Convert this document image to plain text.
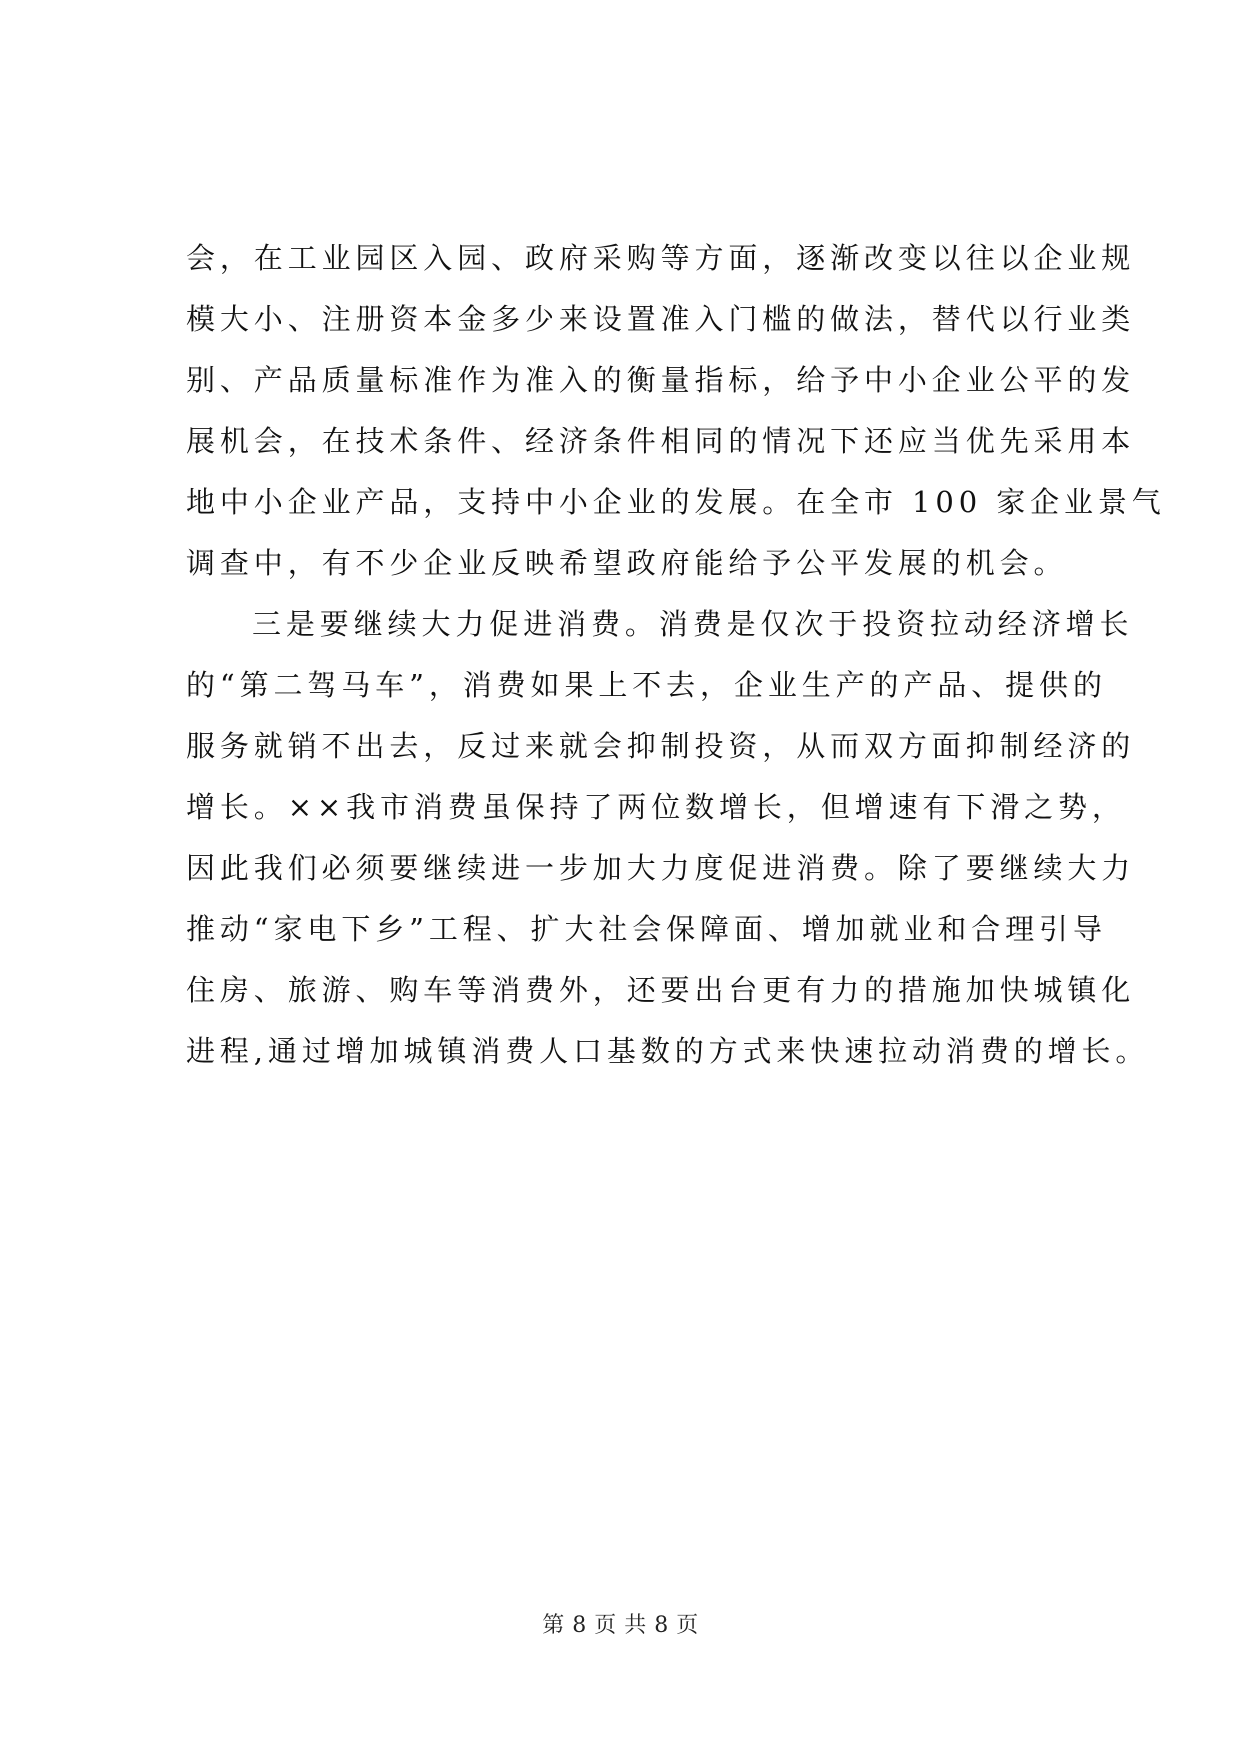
会，在工业园区入园、政府采购等方面，逐渐改变以往以企业规
模大小、注册资本金多少来设置准入门槛的做法，替代以行业类
别、产品质量标准作为准入的衡量指标，给予中小企业公平的发
展机会，在技术条件、经济条件相同的情况下还应当优先采用本
地中小企业产品，支持中小企业的发展。在全市 100 家企业景气
调查中，有不少企业反映希望政府能给予公平发展的机会。
三是要继续大力促进消费。消费是仅次于投资拉动经济增长
的“第二驾马车”，消费如果上不去，企业生产的产品、提供的
服务就销不出去，反过来就会抑制投资，从而双方面抑制经济的
增长。××我市消费虽保持了两位数增长，但增速有下滑之势，
因此我们必须要继续进一步加大力度促进消费。除了要继续大力
推动“家电下乡”工程、扩大社会保障面、增加就业和合理引导
住房、旅游、购车等消费外，还要出台更有力的措施加快城镇化
进程,通过增加城镇消费人口基数的方式来快速拉动消费的增长。
第 8 页 共 8 页
